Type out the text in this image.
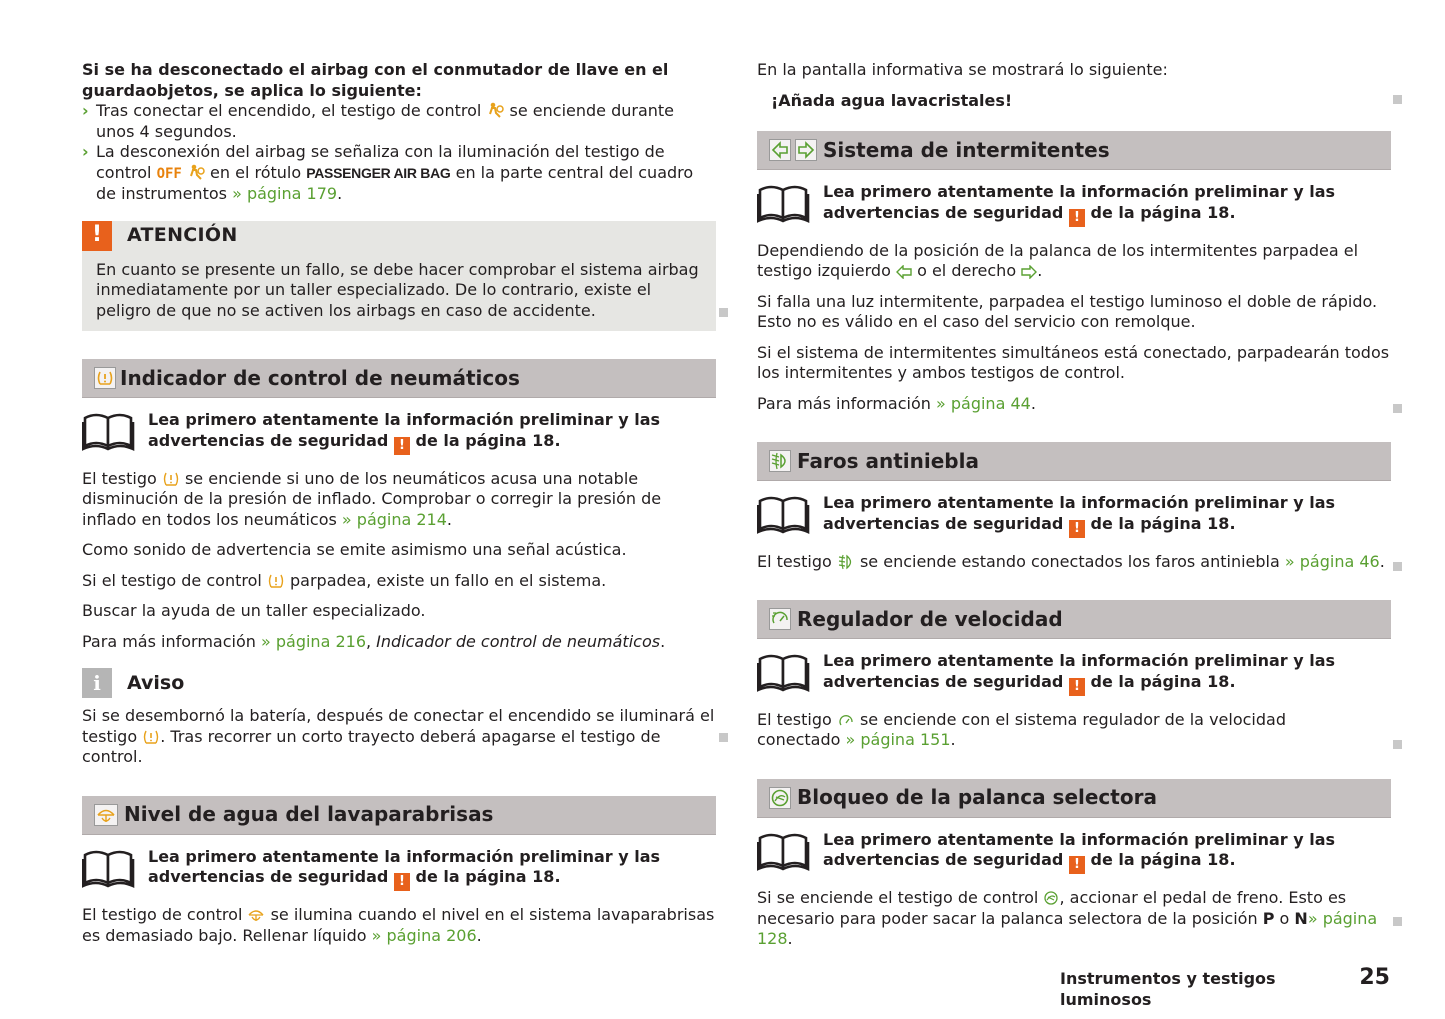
Si se ha desconectado el airbag con el conmutador de llave en el guardaobjetos, se aplica lo siguiente:

› Tras conectar el encendido, el testigo de control se enciende durante unos 4 segundos.
› La desconexión del airbag se señaliza con la iluminación del testigo de control OFF en el rótulo PASSENGER AIR BAG en la parte central del cuadro de instrumentos » página 179.
!	ATENCIÓN
En cuanto se presente un fallo, se debe hacer comprobar el sistema airbag inmediatamente por un taller especializado. De lo contrario, existe el peligro de que no se activen los airbags en caso de accidente.
Indicador de control de neumáticos
Lea primero atentamente la información preliminar y las advertencias de seguridad ! de la página 18.

El testigo se enciende si uno de los neumáticos acusa una notable disminución de la presión de inflado. Comprobar o corregir la presión de inflado en todos los neumáticos » página 214.

Como sonido de advertencia se emite asimismo una señal acústica.

Si el testigo de control parpadea, existe un fallo en el sistema.

Buscar la ayuda de un taller especializado.

Para más información » página 216, Indicador de control de neumáticos.

i	Aviso

Si se desembornó la batería, después de conectar el encendido se iluminará el testigo . Tras recorrer un corto trayecto deberá apagarse el testigo de control.

Nivel de agua del lavaparabrisas
Lea primero atentamente la información preliminar y las advertencias de seguridad ! de la página 18.

El testigo de control se ilumina cuando el nivel en el sistema lavaparabrisas es demasiado bajo. Rellenar líquido » página 206.

En la pantalla informativa se mostrará lo siguiente:

¡Añada agua lavacristales!

Sistema de intermitentes
Lea primero atentamente la información preliminar y las advertencias de seguridad ! de la página 18.

Dependiendo de la posición de la palanca de los intermitentes parpadea el testigo izquierdo o el derecho .

Si falla una luz intermitente, parpadea el testigo luminoso el doble de rápido. Esto no es válido en el caso del servicio con remolque.

Si el sistema de intermitentes simultáneos está conectado, parpadearán todos los intermitentes y ambos testigos de control.

Para más información » página 44.

Faros antiniebla
Lea primero atentamente la información preliminar y las advertencias de seguridad ! de la página 18.

El testigo se enciende estando conectados los faros antiniebla » página 46.

Regulador de velocidad
Lea primero atentamente la información preliminar y las advertencias de seguridad ! de la página 18.

El testigo se enciende con el sistema regulador de la velocidad conectado » página 151.

Bloqueo de la palanca selectora
Lea primero atentamente la información preliminar y las advertencias de seguridad ! de la página 18.

Si se enciende el testigo de control , accionar el pedal de freno. Esto es necesario para poder sacar la palanca selectora de la posición P o N» página 128.

Instrumentos y testigos luminosos
25
